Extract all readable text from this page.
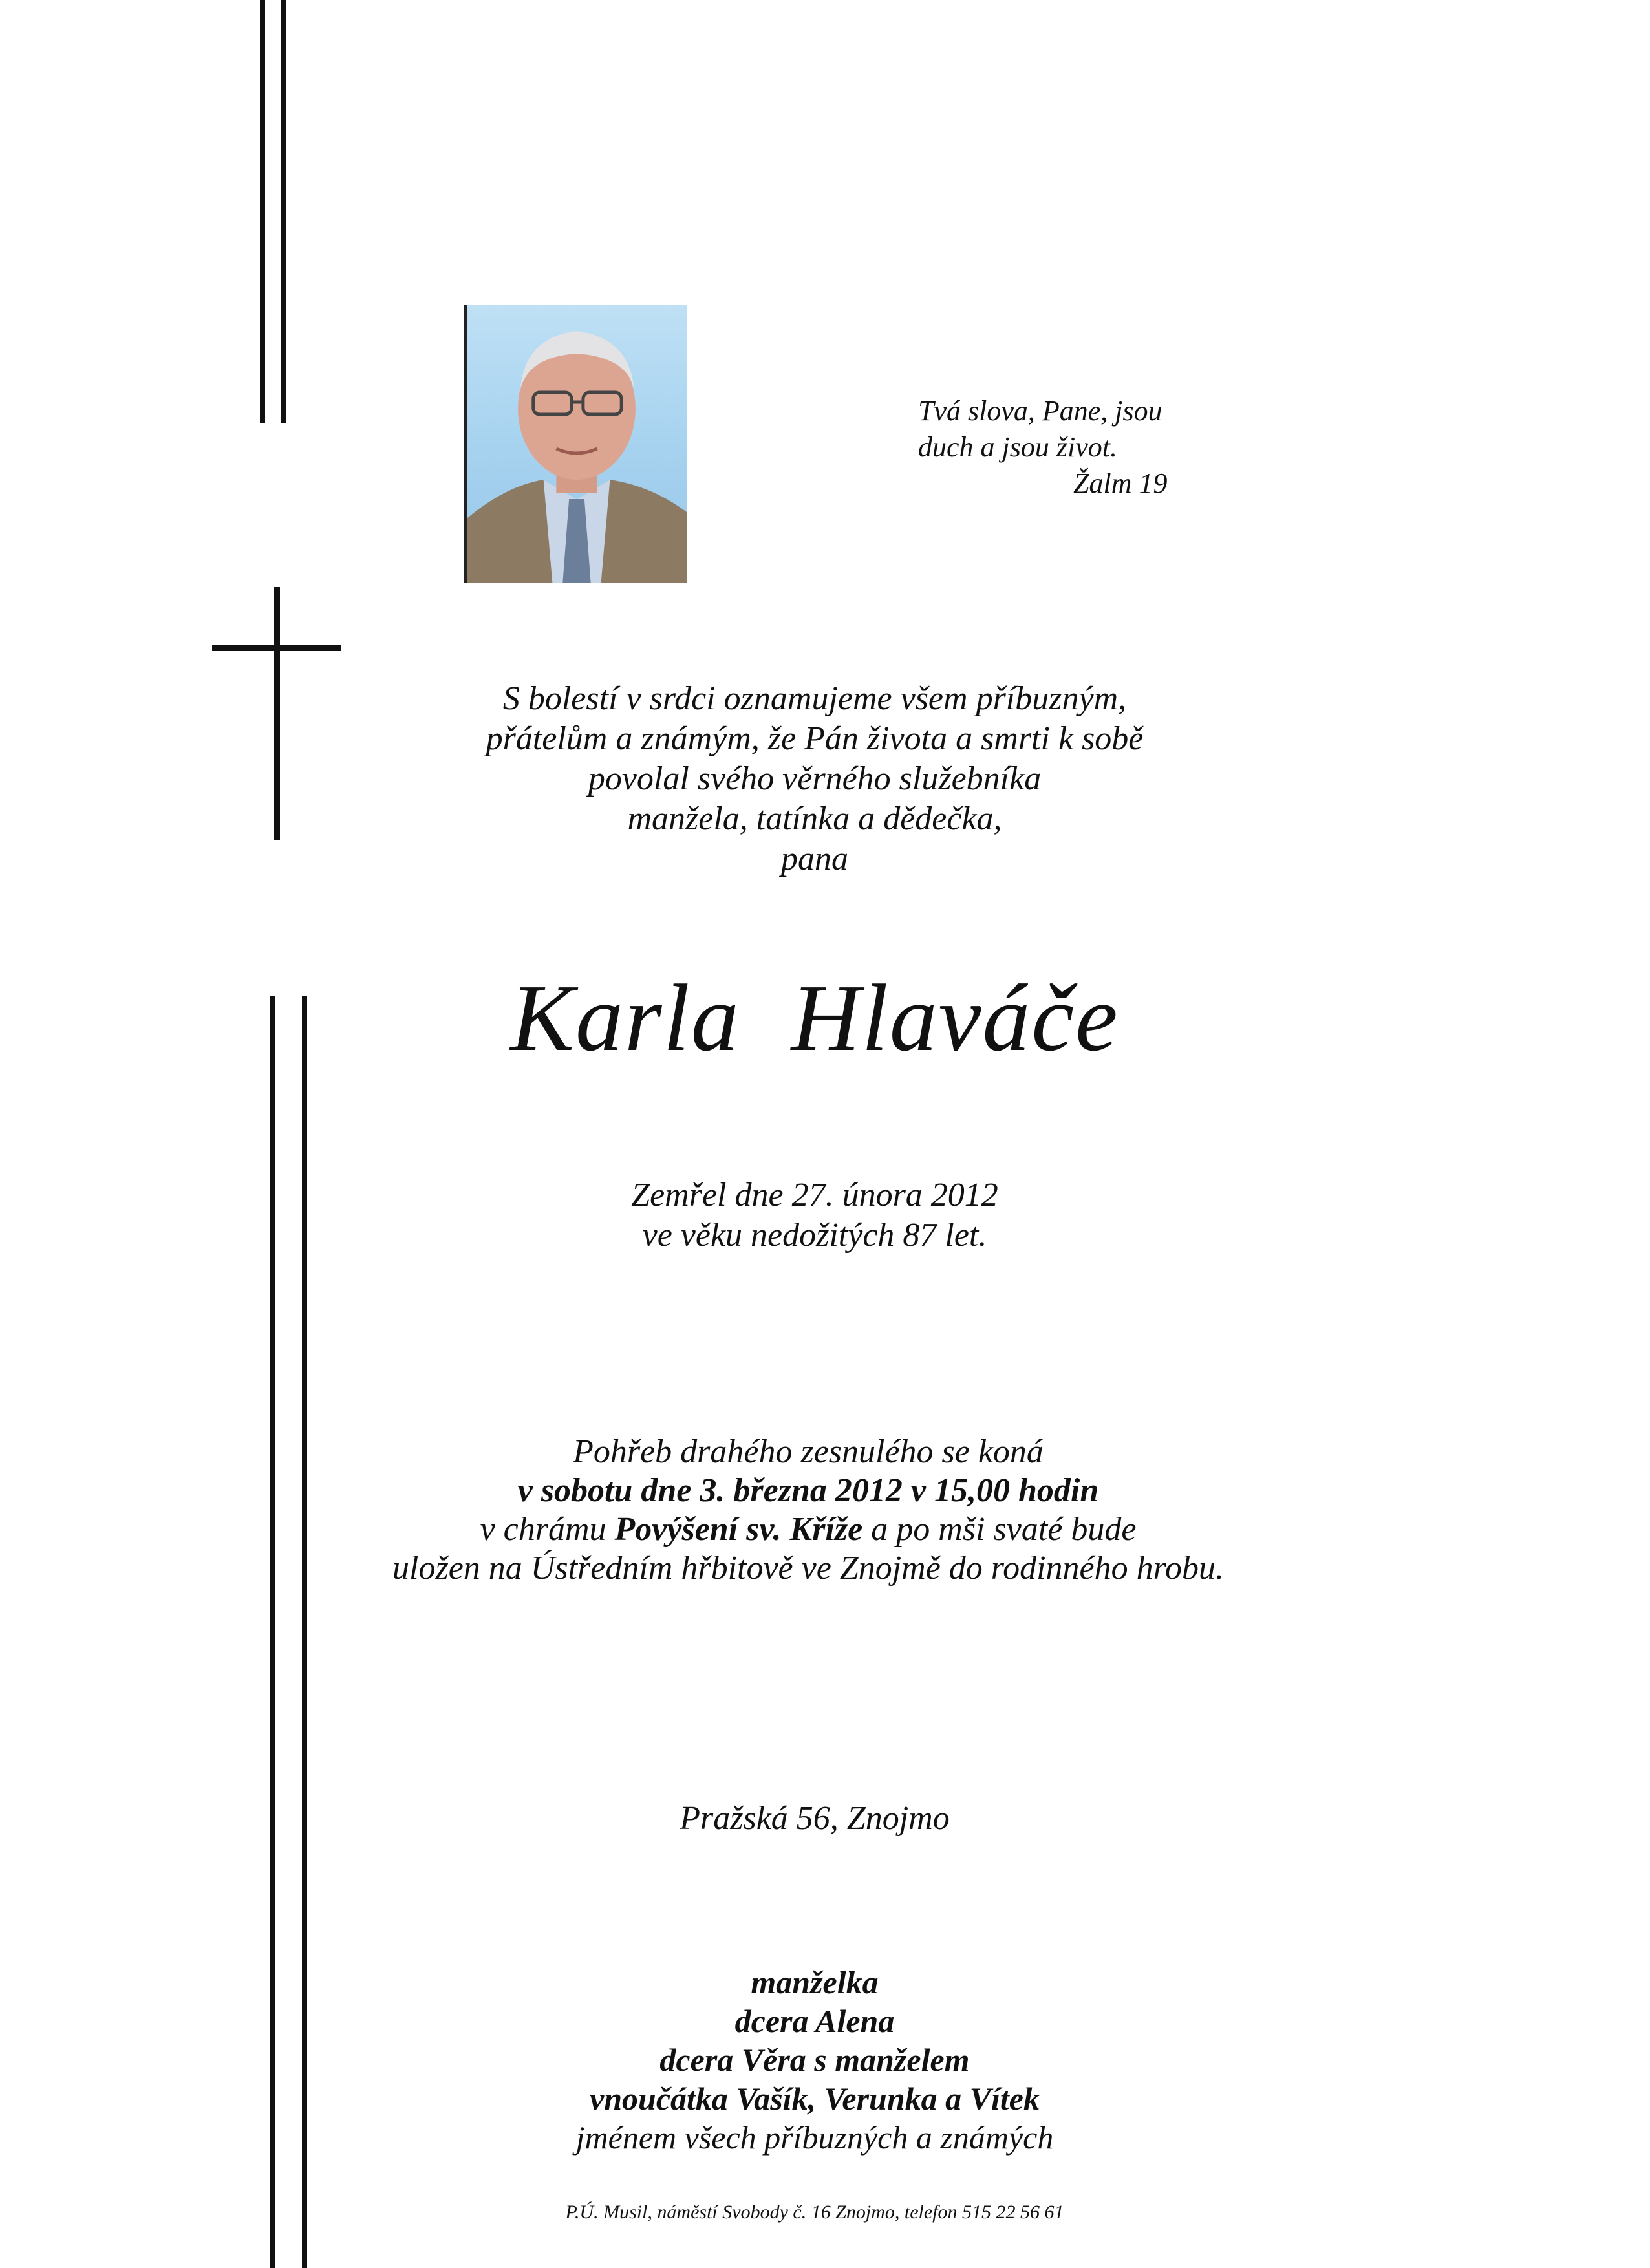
Tvá slova, Pane, jsou
duch a jsou život.
Žalm 19
S bolestí v srdci oznamujeme všem příbuzným,
přátelům a známým, že Pán života a smrti k sobě
povolal svého věrného služebníka
manžela, tatínka a dědečka,
pana
Karla Hlaváče
Zemřel dne 27. února 2012
ve věku nedožitých 87 let.
Pohřeb drahého zesnulého se koná
v sobotu dne 3. března 2012 v 15,00 hodin
v chrámu Povýšení sv. Kříže a po mši svaté bude
uložen na Ústředním hřbitově ve Znojmě do rodinného hrobu.
Pražská 56, Znojmo
manželka
dcera Alena
dcera Věra s manželem
vnoučátka Vašík, Verunka a Vítek
jménem všech příbuzných a známých
P.Ú. Musil, náměstí Svobody č. 16 Znojmo, telefon 515 22 56 61
